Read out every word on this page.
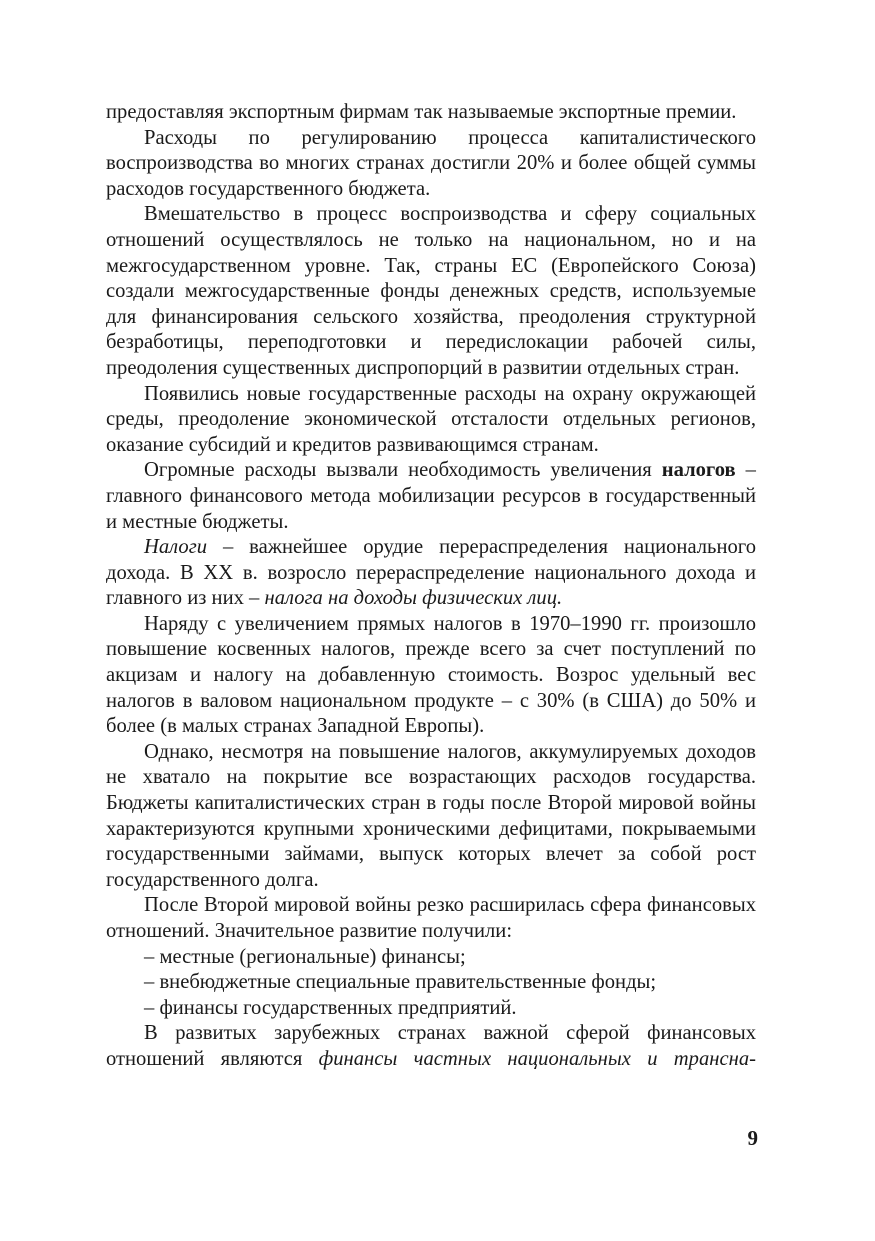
предоставляя экспортным фирмам так называемые экспортные премии.

Расходы по регулированию процесса капиталистического воспроизводства во многих странах достигли 20% и более общей суммы расходов государственного бюджета.

Вмешательство в процесс воспроизводства и сферу социальных отношений осуществлялось не только на национальном, но и на межгосударственном уровне. Так, страны ЕС (Европейского Союза) создали межгосударственные фонды денежных средств, используемые для финансирования сельского хозяйства, преодоления структурной безработицы, переподготовки и передислокации рабочей силы, преодоления существенных диспропорций в развитии отдельных стран.

Появились новые государственные расходы на охрану окружающей среды, преодоление экономической отсталости отдельных регионов, оказание субсидий и кредитов развивающимся странам.

Огромные расходы вызвали необходимость увеличения налогов – главного финансового метода мобилизации ресурсов в государственный и местные бюджеты.

Налоги – важнейшее орудие перераспределения национального дохода. В XX в. возросло перераспределение национального дохода и главного из них – налога на доходы физических лиц.

Наряду с увеличением прямых налогов в 1970–1990 гг. произошло повышение косвенных налогов, прежде всего за счет поступлений по акцизам и налогу на добавленную стоимость. Возрос удельный вес налогов в валовом национальном продукте – с 30% (в США) до 50% и более (в малых странах Западной Европы).

Однако, несмотря на повышение налогов, аккумулируемых доходов не хватало на покрытие все возрастающих расходов государства. Бюджеты капиталистических стран в годы после Второй мировой войны характеризуются крупными хроническими дефицитами, покрываемыми государственными займами, выпуск которых влечет за собой рост государственного долга.

После Второй мировой войны резко расширилась сфера финансовых отношений. Значительное развитие получили:

– местные (региональные) финансы;

– внебюджетные специальные правительственные фонды;

– финансы государственных предприятий.

В развитых зарубежных странах важной сферой финансовых отношений являются финансы частных национальных и трансна-

9
